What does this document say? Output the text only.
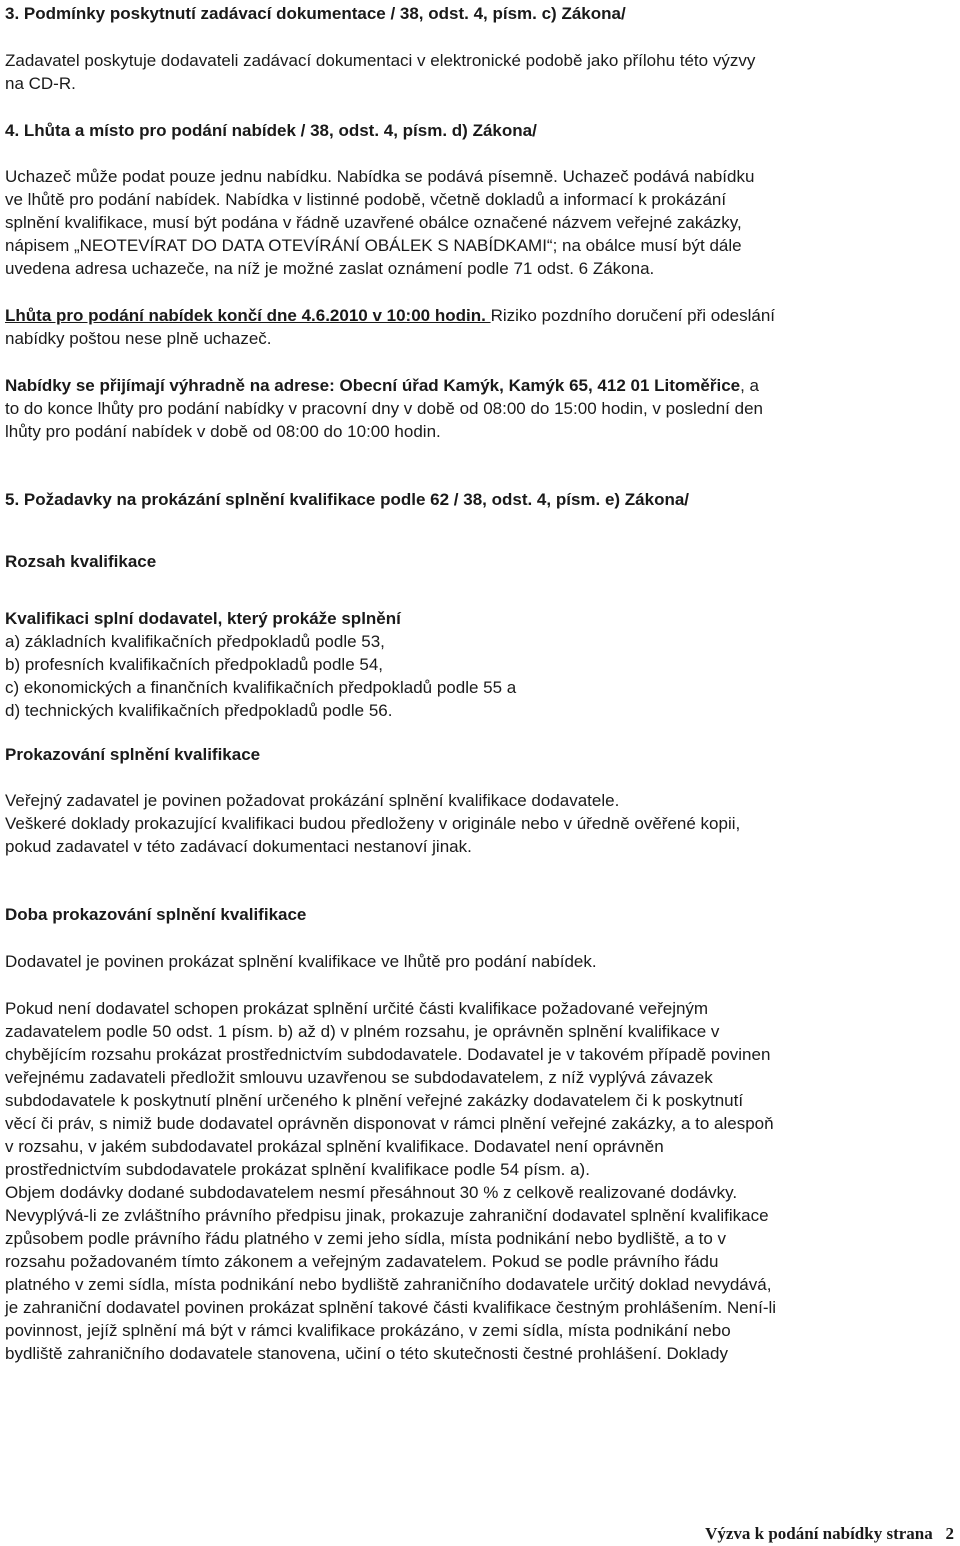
3. Podmínky poskytnutí zadávací dokumentace / 38, odst. 4, písm. c) Zákona/
Zadavatel poskytuje dodavateli zadávací dokumentaci v elektronické podobě jako přílohu této výzvy
na CD-R.
4. Lhůta a místo pro podání nabídek / 38, odst. 4, písm. d) Zákona/
Uchazeč může podat pouze jednu nabídku. Nabídka se podává písemně. Uchazeč podává nabídku
ve lhůtě pro podání nabídek. Nabídka v listinné podobě, včetně dokladů a informací k prokázání
splnění kvalifikace, musí být podána v řádně uzavřené obálce označené názvem veřejné zakázky,
nápisem „NEOTEVÍRAT DO DATA OTEVÍRÁNÍ OBÁLEK S NABÍDKAMI“; na obálce musí být dále
uvedena adresa uchazeče, na níž je možné zaslat oznámení podle 71 odst. 6 Zákona.
Lhůta pro podání nabídek končí dne 4.6.2010 v 10:00 hodin. Riziko pozdního doručení při odeslání
nabídky poštou nese plně uchazeč.
Nabídky se přijímají výhradně na adrese: Obecní úřad Kamýk, Kamýk 65, 412 01 Litoměřice, a
to do konce lhůty pro podání nabídky v pracovní dny v době od 08:00 do 15:00 hodin, v poslední den
lhůty pro podání nabídek v době od 08:00 do 10:00 hodin.
5. Požadavky na prokázání splnění kvalifikace podle 62 / 38, odst. 4, písm. e) Zákona/
Rozsah kvalifikace
Kvalifikaci splní dodavatel, který prokáže splnění
a) základních kvalifikačních předpokladů podle 53,
b) profesních kvalifikačních předpokladů podle 54,
c) ekonomických a finančních kvalifikačních předpokladů podle 55 a
d) technických kvalifikačních předpokladů podle 56.
Prokazování splnění kvalifikace
Veřejný zadavatel je povinen požadovat prokázání splnění kvalifikace dodavatele.
Veškeré doklady prokazující kvalifikaci budou předloženy v originále nebo v úředně ověřené kopii,
pokud zadavatel v této zadávací dokumentaci nestanoví jinak.
Doba prokazování splnění kvalifikace
Dodavatel je povinen prokázat splnění kvalifikace ve lhůtě pro podání nabídek.
Pokud není dodavatel schopen prokázat splnění určité části kvalifikace požadované veřejným
zadavatelem podle 50 odst. 1 písm. b) až d) v plném rozsahu, je oprávněn splnění kvalifikace v
chybějícím rozsahu prokázat prostřednictvím subdodavatele. Dodavatel je v takovém případě povinen
veřejnému zadavateli předložit smlouvu uzavřenou se subdodavatelem, z níž vyplývá závazek
subdodavatele k poskytnutí plnění určeného k plnění veřejné zakázky dodavatelem či k poskytnutí
věcí či práv, s nimiž bude dodavatel oprávněn disponovat v rámci plnění veřejné zakázky, a to alespoň
v rozsahu, v jakém subdodavatel prokázal splnění kvalifikace. Dodavatel není oprávněn
prostřednictvím subdodavatele prokázat splnění kvalifikace podle 54 písm. a).
Objem dodávky dodané subdodavatelem nesmí přesáhnout 30 % z celkově realizované dodávky.
Nevyplývá-li ze zvláštního právního předpisu jinak, prokazuje zahraniční dodavatel splnění kvalifikace
způsobem podle právního řádu platného v zemi jeho sídla, místa podnikání nebo bydliště, a to v
rozsahu požadovaném tímto zákonem a veřejným zadavatelem. Pokud se podle právního řádu
platného v zemi sídla, místa podnikání nebo bydliště zahraničního dodavatele určitý doklad nevydává,
je zahraniční dodavatel povinen prokázat splnění takové části kvalifikace čestným prohlášením. Není-li
povinnost, jejíž splnění má být v rámci kvalifikace prokázáno, v zemi sídla, místa podnikání nebo
bydliště zahraničního dodavatele stanovena, učiní o této skutečnosti čestné prohlášení. Doklady
Výzva k podání nabídky strana   2
